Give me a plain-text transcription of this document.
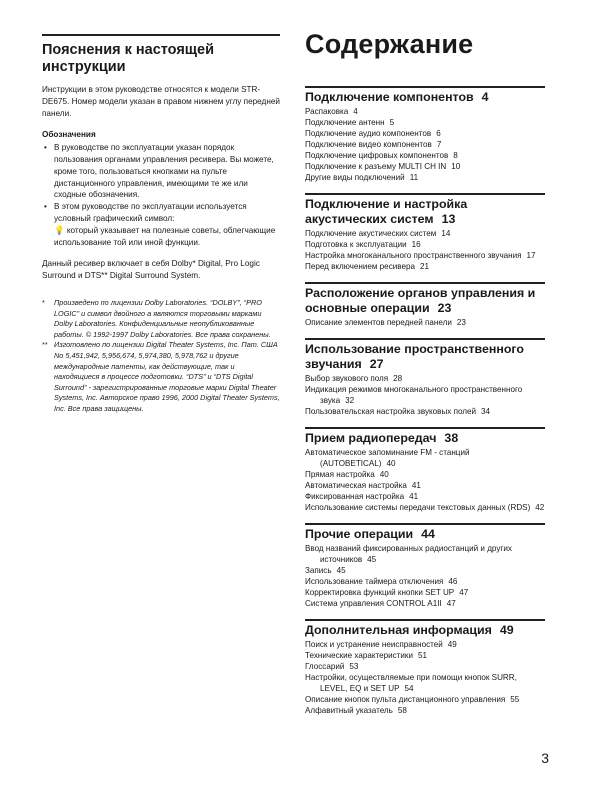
Пояснения к настоящей инструкции

Инструкции в этом руководстве относятся к модели STR-DE675. Номер модели указан в правом нижнем углу передней панели.

Обозначения
• В руководстве по эксплуатации указан порядок пользования органами управления ресивера. Вы можете, кроме того, пользоваться кнопками на пульте дистанционного управления, имеющими те же или сходные обозначения.
• В этом руководстве по эксплуатации используется условный графический символ:
💡 который указывает на полезные советы, облегчающие использование той или иной функции.

Данный ресивер включает в себя Dolby* Digital, Pro Logic Surround и DTS** Digital Surround System.

* Произведено по лицензии Dolby Laboratories. “DOLBY”, “PRO LOGIC” и символ двойного a являются торговыми марками Dolby Laboratories. Конфиденциальные неопубликованные работы. © 1992-1997 Dolby Laboratories. Все права сохранены.
** Изготовлено по лицензии Digital Theater Systems, Inc. Пат. США No 5,451,942, 5,956,674, 5,974,380, 5,978,762 и другие международные патенты, как действующие, так и находящиеся в процессе подготовки. “DTS” и “DTS Digital Surround” - зарегистрированные торговые марки Digital Theater Systems, Inc. Авторское право 1996, 2000 Digital Theater Systems, Inc. Все права защищены.
Содержание
Подключение компонентов 4
Распаковка 4
Подключение антенн 5
Подключение аудио компонентов 6
Подключение видео компонентов 7
Подключение цифровых компонентов 8
Подключение к разъему MULTI CH IN 10
Другие виды подключений 11
Подключение и настройка акустических систем 13
Подключение акустических систем 14
Подготовка к эксплуатации 16
Настройка многоканального пространственного звучания 17
Перед включением ресивера 21
Расположение органов управления и основные операции 23
Описание элементов передней панели 23
Использование пространственного звучания 27
Выбор звукового поля 28
Индикация режимов многоканального пространственного звука 32
Пользовательская настройка звуковых полей 34
Прием радиопередач 38
Автоматическое запоминание FM - станций (AUTOBETICAL) 40
Прямая настройка 40
Автоматическая настройка 41
Фиксированная настройка 41
Использование системы передачи текстовых данных (RDS) 42
Прочие операции 44
Ввод названий фиксированных радиостанций и других источников 45
Запись 45
Использование таймера отключения 46
Корректировка функций кнопки SET UP 47
Система управления CONTROL A1II 47
Дополнительная информация 49
Поиск и устранение неисправностей 49
Технические характеристики 51
Глоссарий 53
Настройки, осуществляемые при помощи кнопок SURR, LEVEL, EQ и SET UP 54
Описание кнопок пульта дистанционного управления 55
Алфавитный указатель 58
3
